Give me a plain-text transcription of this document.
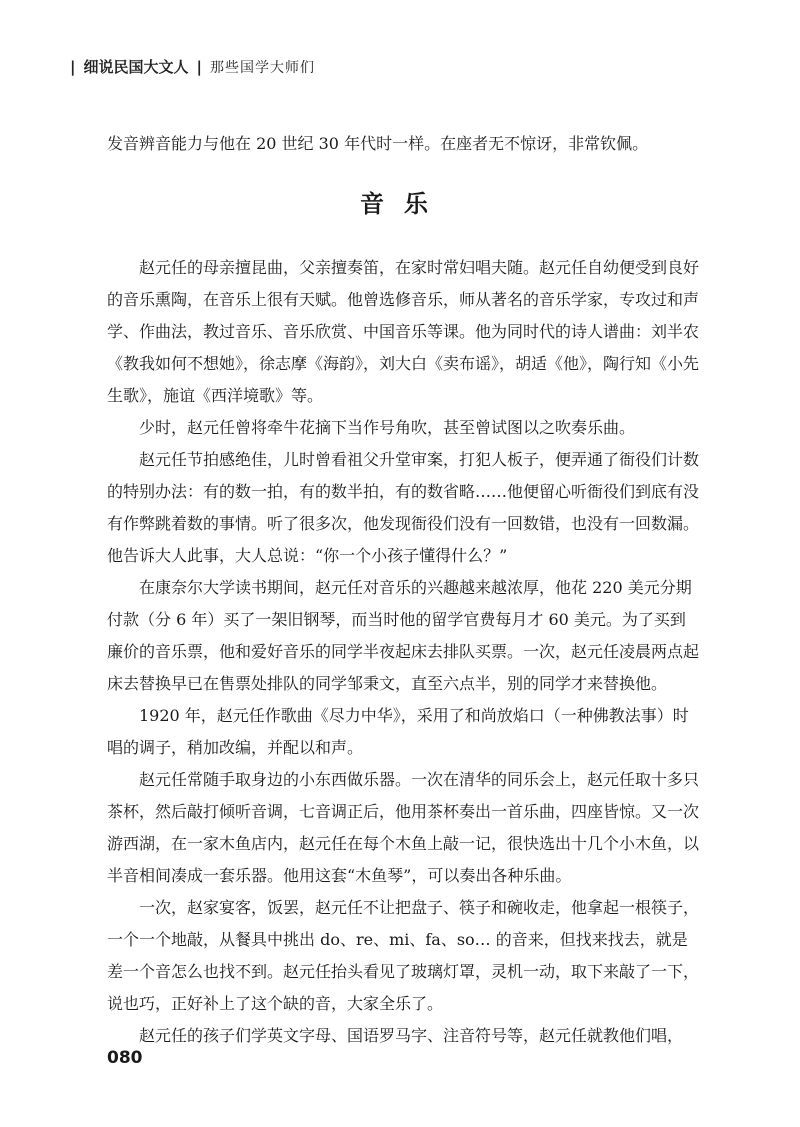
| 细说民国大文人 | 那些国学大师们

发音辨音能力与他在 20 世纪 30 年代时一样。在座者无不惊讶，非常钦佩。

音乐

赵元任的母亲擅昆曲，父亲擅奏笛，在家时常妇唱夫随。赵元任自幼便受到良好的音乐熏陶，在音乐上很有天赋。他曾选修音乐，师从著名的音乐学家，专攻过和声学、作曲法，教过音乐、音乐欣赏、中国音乐等课。他为同时代的诗人谱曲：刘半农《教我如何不想她》，徐志摩《海韵》，刘大白《卖布谣》，胡适《他》，陶行知《小先生歌》，施谊《西洋境歌》等。

少时，赵元任曾将牵牛花摘下当作号角吹，甚至曾试图以之吹奏乐曲。

赵元任节拍感绝佳，儿时曾看祖父升堂审案，打犯人板子，便弄通了衙役们计数的特别办法：有的数一拍，有的数半拍，有的数省略……他便留心听衙役们到底有没有作弊跳着数的事情。听了很多次，他发现衙役们没有一回数错，也没有一回数漏。他告诉大人此事，大人总说：“你一个小孩子懂得什么？”

在康奈尔大学读书期间，赵元任对音乐的兴趣越来越浓厚，他花 220 美元分期付款（分 6 年）买了一架旧钢琴，而当时他的留学官费每月才 60 美元。为了买到廉价的音乐票，他和爱好音乐的同学半夜起床去排队买票。一次，赵元任凌晨两点起床去替换早已在售票处排队的同学邹秉文，直至六点半，别的同学才来替换他。

1920 年，赵元任作歌曲《尽力中华》，采用了和尚放焰口（一种佛教法事）时唱的调子，稍加改编，并配以和声。

赵元任常随手取身边的小东西做乐器。一次在清华的同乐会上，赵元任取十多只茶杯，然后敲打倾听音调，七音调正后，他用茶杯奏出一首乐曲，四座皆惊。又一次游西湖，在一家木鱼店内，赵元任在每个木鱼上敲一记，很快选出十几个小木鱼，以半音相间凑成一套乐器。他用这套“木鱼琴”，可以奏出各种乐曲。

一次，赵家宴客，饭罢，赵元任不让把盘子、筷子和碗收走，他拿起一根筷子，一个一个地敲，从餐具中挑出 do、re、mi、fa、so… 的音来，但找来找去，就是差一个音怎么也找不到。赵元任抬头看见了玻璃灯罩，灵机一动，取下来敲了一下，说也巧，正好补上了这个缺的音，大家全乐了。

赵元任的孩子们学英文字母、国语罗马字、注音符号等，赵元任就教他们唱，

080
